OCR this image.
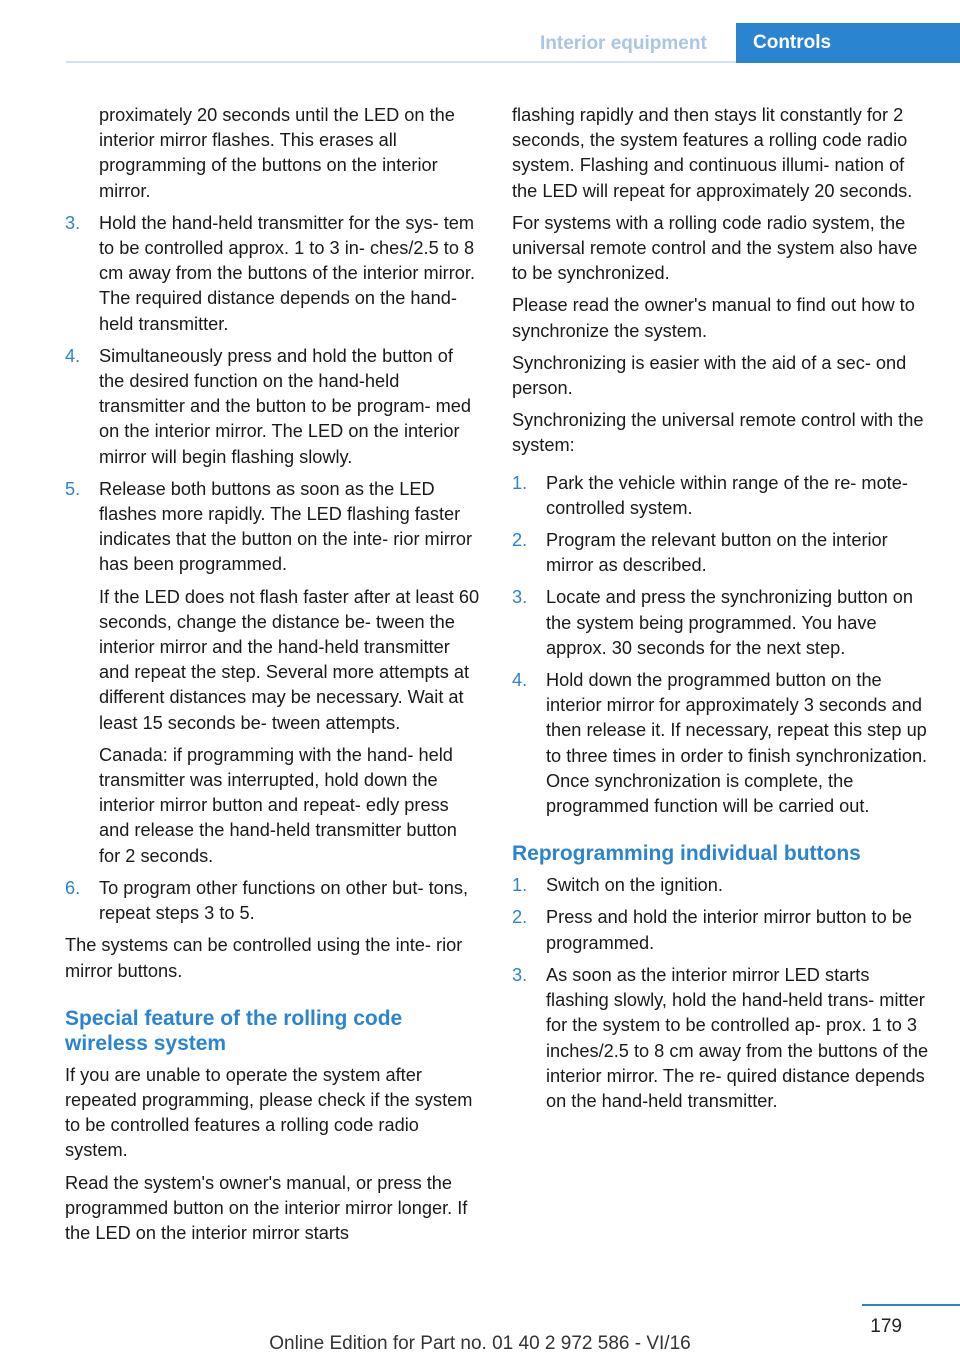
Interior equipment	Controls

proximately 20 seconds until the LED on the interior mirror flashes. This erases all programming of the buttons on the interior mirror.

3. Hold the hand-held transmitter for the sys‐ tem to be controlled approx. 1 to 3 in‐ ches/2.5 to 8 cm away from the buttons of the interior mirror. The required distance depends on the hand-held transmitter.
4. Simultaneously press and hold the button of the desired function on the hand-held transmitter and the button to be program‐ med on the interior mirror. The LED on the interior mirror will begin flashing slowly.
5. Release both buttons as soon as the LED flashes more rapidly. The LED flashing faster indicates that the button on the inte‐ rior mirror has been programmed.

If the LED does not flash faster after at least 60 seconds, change the distance be‐ tween the interior mirror and the hand-held transmitter and repeat the step. Several more attempts at different distances may be necessary. Wait at least 15 seconds be‐ tween attempts.

Canada: if programming with the hand- held transmitter was interrupted, hold down the interior mirror button and repeat‐ edly press and release the hand-held transmitter button for 2 seconds.

6. To program other functions on other but‐ tons, repeat steps 3 to 5.

The systems can be controlled using the inte‐ rior mirror buttons.

Special feature of the rolling code wireless system

If you are unable to operate the system after repeated programming, please check if the system to be controlled features a rolling code radio system.

Read the system's owner's manual, or press the programmed button on the interior mirror longer. If the LED on the interior mirror starts

flashing rapidly and then stays lit constantly for 2 seconds, the system features a rolling code radio system. Flashing and continuous illumi‐ nation of the LED will repeat for approximately 20 seconds.

For systems with a rolling code radio system, the universal remote control and the system also have to be synchronized.

Please read the owner's manual to find out how to synchronize the system.

Synchronizing is easier with the aid of a sec‐ ond person.

Synchronizing the universal remote control with the system:

1. Park the vehicle within range of the re‐ mote-controlled system.
2. Program the relevant button on the interior mirror as described.
3. Locate and press the synchronizing button on the system being programmed. You have approx. 30 seconds for the next step.
4. Hold down the programmed button on the interior mirror for approximately 3 seconds and then release it. If necessary, repeat this step up to three times in order to finish synchronization. Once synchronization is complete, the programmed function will be carried out.
Reprogramming individual buttons
1. Switch on the ignition.
2. Press and hold the interior mirror button to be programmed.
3. As soon as the interior mirror LED starts flashing slowly, hold the hand-held trans‐ mitter for the system to be controlled ap‐ prox. 1 to 3 inches/2.5 to 8 cm away from the buttons of the interior mirror. The re‐ quired distance depends on the hand-held transmitter.
179
Online Edition for Part no. 01 40 2 972 586 - VI/16
